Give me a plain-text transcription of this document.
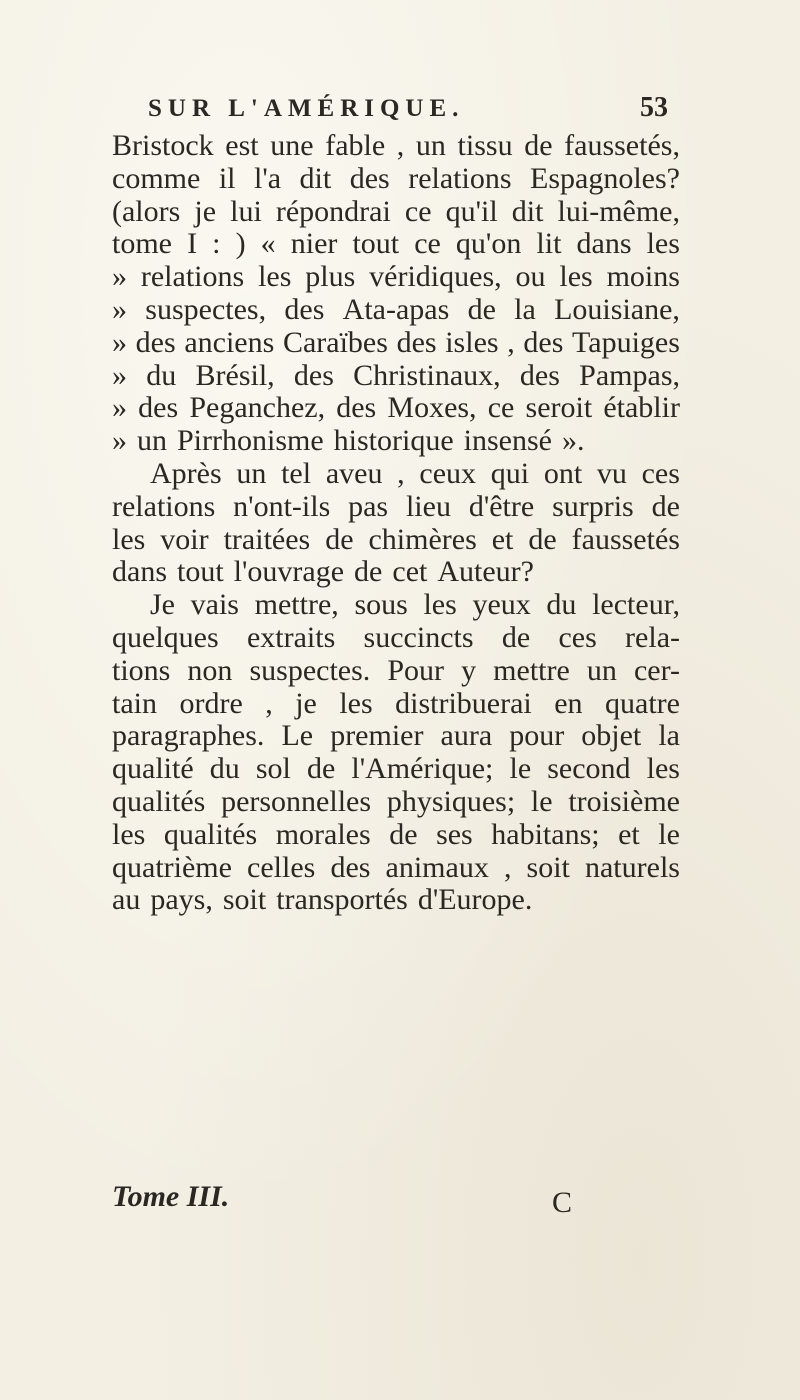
SUR L'AMÉRIQUE.	53
Bristock est une fable , un tissu de faussetés,
comme il l'a dit des relations Espagnoles?
(alors je lui répondrai ce qu'il dit lui-même,
tome I : ) « nier tout ce qu'on lit dans les
» relations les plus véridiques, ou les moins
» suspectes, des Ata-apas de la Louisiane,
» des anciens Caraïbes des isles , des Tapuiges
» du Brésil, des Christinaux, des Pampas,
» des Peganchez, des Moxes, ce seroit établir
» un Pirrhonisme historique insensé ».
Après un tel aveu , ceux qui ont vu ces
relations n'ont-ils pas lieu d'être surpris de
les voir traitées de chimères et de faussetés
dans tout l'ouvrage de cet Auteur?
Je vais mettre, sous les yeux du lecteur,
quelques extraits succincts de ces rela-
tions non suspectes. Pour y mettre un cer-
tain ordre , je les distribuerai en quatre
paragraphes. Le premier aura pour objet la
qualité du sol de l'Amérique; le second les
qualités personnelles physiques; le troisième
les qualités morales de ses habitans; et le
quatrième celles des animaux , soit naturels
au pays, soit transportés d'Europe.
Tome III.	C
